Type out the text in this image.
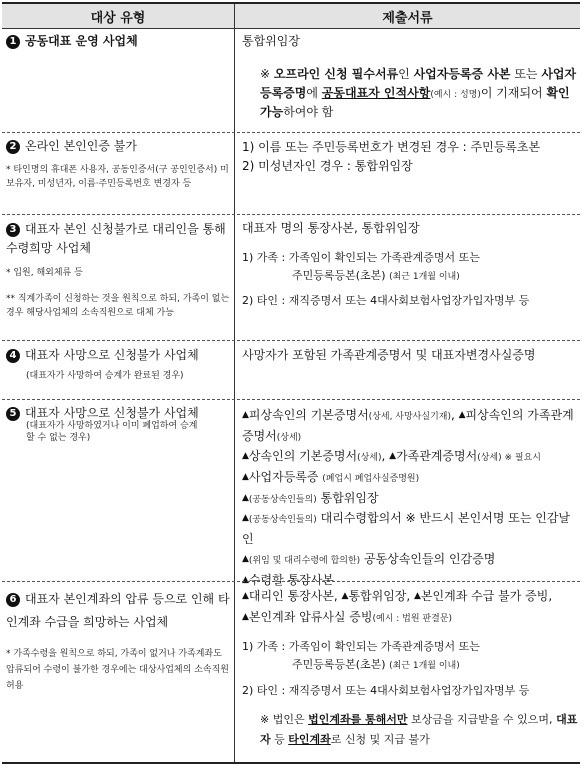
대상 유형	제출서류
1 공동대표 운영 사업체	통합위임장
※ 오프라인 신청 필수서류인 사업자등록증 사본 또는 사업자등록증명에 공동대표자 인적사항(예시 : 성명)이 기재되어 확인 가능하여야 함
2 온라인 본인인증 불가
* 타인명의 휴대폰 사용자, 공동인증서(구 공인인증서) 미보유자, 미성년자, 이름·주민등록번호 변경자 등

1) 이름 또는 주민등록번호가 변경된 경우 : 주민등록초본

2) 미성년자인 경우 : 통합위임장

3 대표자 본인 신청불가로 대리인을 통해 수령희망 사업체
* 입원, 해외체류 등
** 직계가족이 신청하는 것을 원칙으로 하되, 가족이 없는 경우 해당사업체의 소속직원으로 대체 가능
대표자 명의 통장사본, 통합위임장

1) 가족 : 가족임이 확인되는 가족관계증명서 또는

주민등록등본(초본) (최근 1개월 이내)

2) 타인 : 재직증명서 또는 4대사회보험사업장가입자명부 등
4 대표자 사망으로 신청불가 사업체
(대표자가 사망하여 승계가 완료된 경우)
사망자가 포함된 가족관계증명서 및 대표자변경사실증명
5 대표자 사망으로 신청불가 사업체
(대표자가 사망하였거나 이미 폐업하여 승계할 수 없는 경우)

▲피상속인의 기본증명서(상세, 사망사실기재), ▲피상속인의 가족관계증명서(상세)

▲상속인의 기본증명서(상세), ▲가족관계증명서(상세) ※ 필요시

▲사업자등록증 (폐업시 폐업사실증명원)

▲(공동상속인들의) 통합위임장

▲(공동상속인들의) 대리수령합의서 ※ 반드시 본인서명 또는 인감날인

▲(위임 및 대리수령에 합의한) 공동상속인들의 인감증명

▲수령할 통장사본

6 대표자 본인계좌의 압류 등으로 인해 타인계좌 수급을 희망하는 사업체
* 가족수령을 원칙으로 하되, 가족이 없거나 가족계좌도 압류되어 수령이 불가한 경우에는 대상사업체의 소속직원 허용

▲대리인 통장사본, ▲통합위임장, ▲본인계좌 수급 불가 증빙,

▲본인계좌 압류사실 증빙(예시 : 법원 판결문)

1) 가족 : 가족임이 확인되는 가족관계증명서 또는

주민등록등본(초본) (최근 1개월 이내)

2) 타인 : 재직증명서 또는 4대사회보험사업장가입자명부 등
※ 법인은 법인계좌를 통해서만 보상금을 지급받을 수 있으며, 대표자 등 타인계좌로 신청 및 지급 불가
